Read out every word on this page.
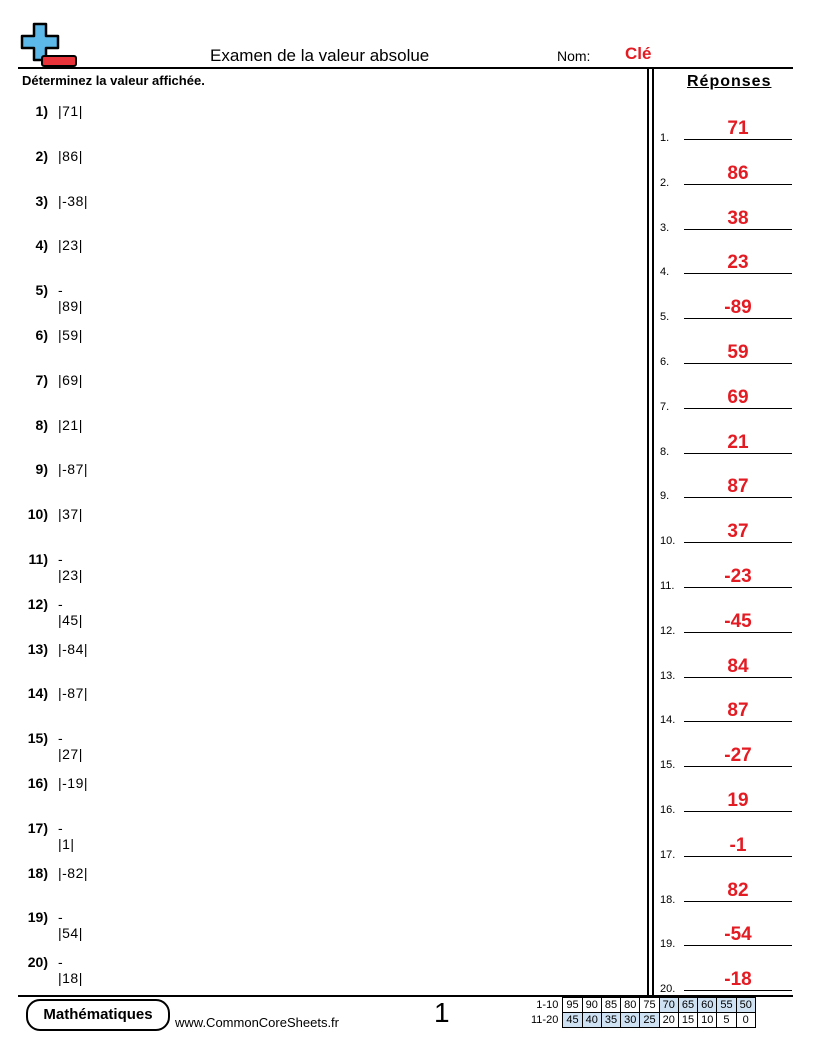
Examen de la valeur absolue	Nom: Clé
Déterminez la valeur affichée.	Réponses
1) |71|
2) |86|
3) |-38|
4) |23|
5) -|89|
6) |59|
7) |69|
8) |21|
9) |-87|
10) |37|
11) -|23|
12) -|45|
13) |-84|
14) |-87|
15) -|27|
16) |-19|
17) -|1|
18) |-82|
19) -|54|
20) -|18|
1.	71
2.	86
3.	38
4.	23
5.	-89
6.	59
7.	69
8.	21
9.	87
10.	37
11.	-23
12.	-45
13.	84
14.	87
15.	-27
16.	19
17.	-1
18.	82
19.	-54
20.	-18
Mathématiques	www.CommonCoreSheets.fr	1	1-10	95	90	85	80	75	70	65	60	55	50
11-20	45	40	35	30	25	20	15	10	5	0
